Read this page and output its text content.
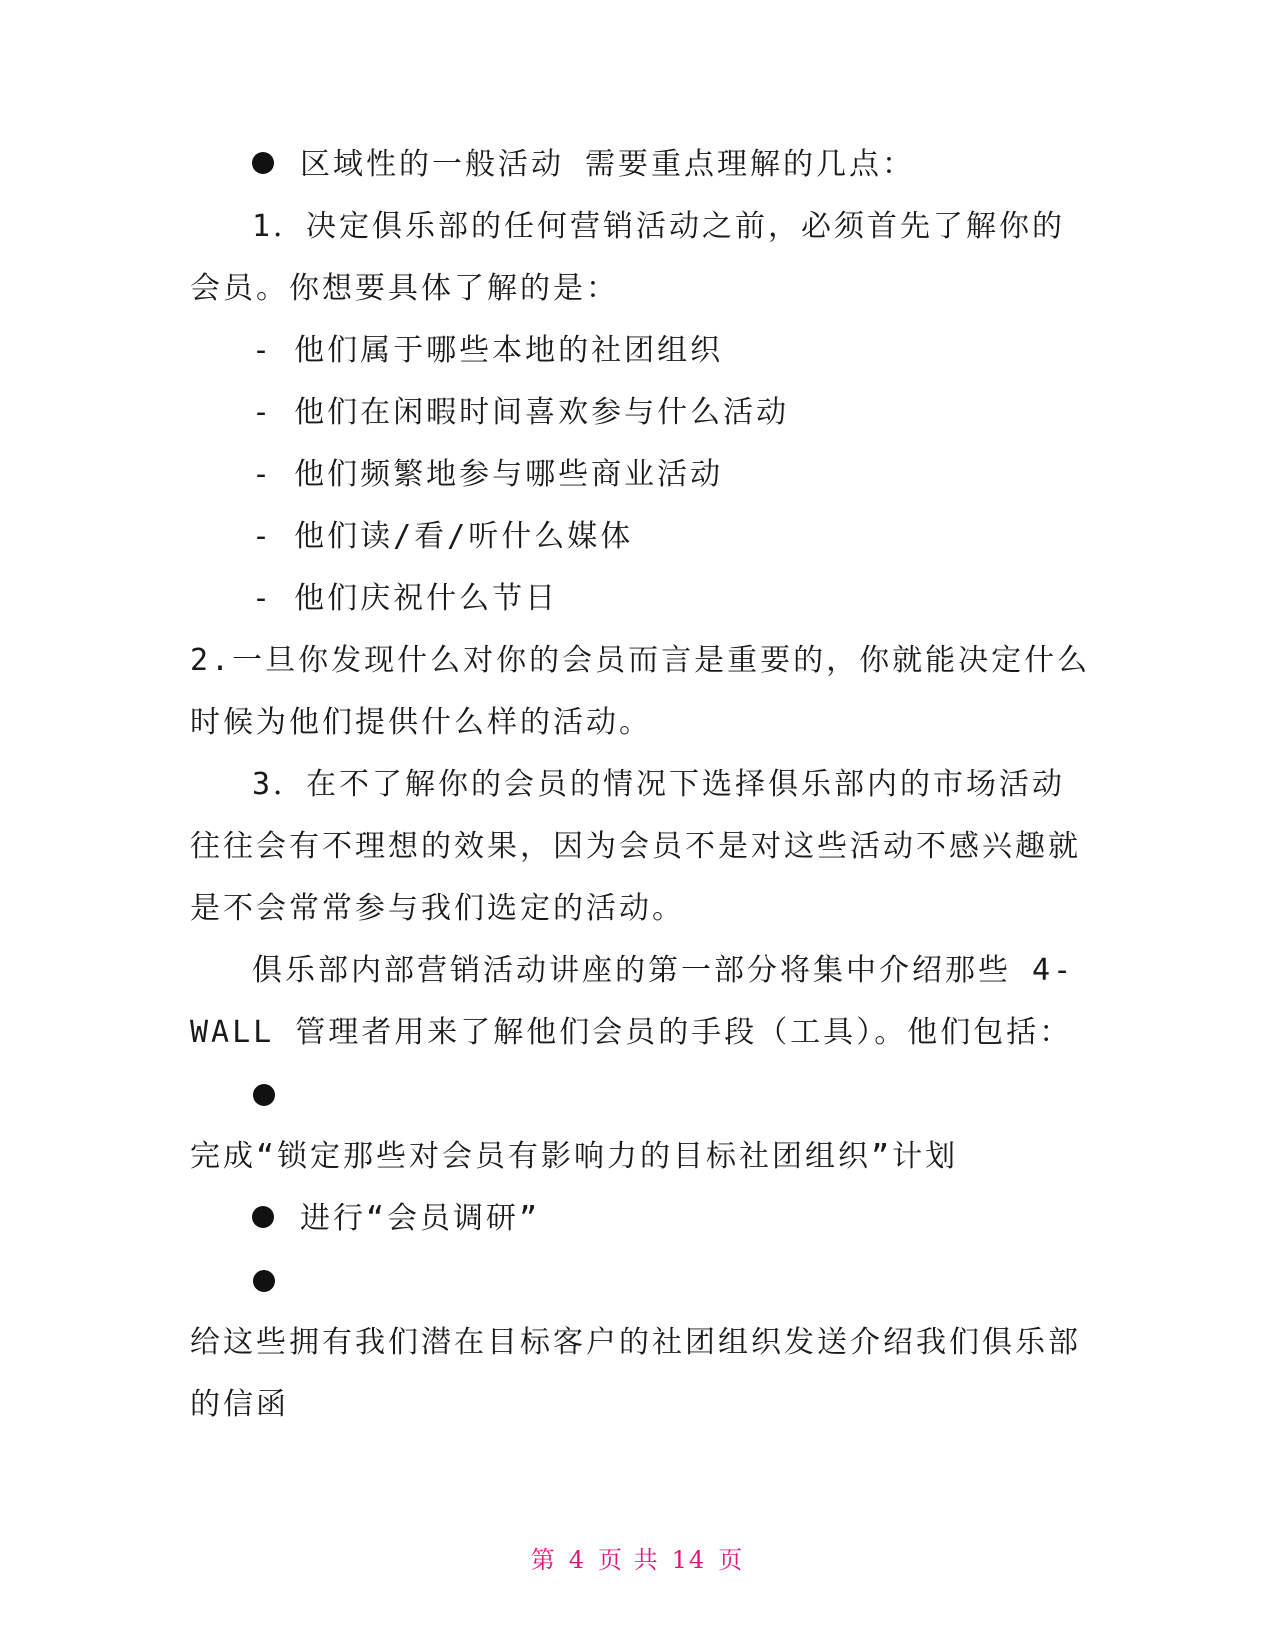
区域性的一般活动 需要重点理解的几点：
1．决定俱乐部的任何营销活动之前，必须首先了解你的
会员。你想要具体了解的是：
- 他们属于哪些本地的社团组织
- 他们在闲暇时间喜欢参与什么活动
- 他们频繁地参与哪些商业活动
- 他们读/看/听什么媒体
- 他们庆祝什么节日
2.一旦你发现什么对你的会员而言是重要的，你就能决定什么
时候为他们提供什么样的活动。
3．在不了解你的会员的情况下选择俱乐部内的市场活动
往往会有不理想的效果，因为会员不是对这些活动不感兴趣就
是不会常常参与我们选定的活动。
俱乐部内部营销活动讲座的第一部分将集中介绍那些 4-
WALL 管理者用来了解他们会员的手段（工具）。他们包括：
完成“锁定那些对会员有影响力的目标社团组织”计划
进行“会员调研”
给这些拥有我们潜在目标客户的社团组织发送介绍我们俱乐部
的信函
第 4 页 共 14 页
